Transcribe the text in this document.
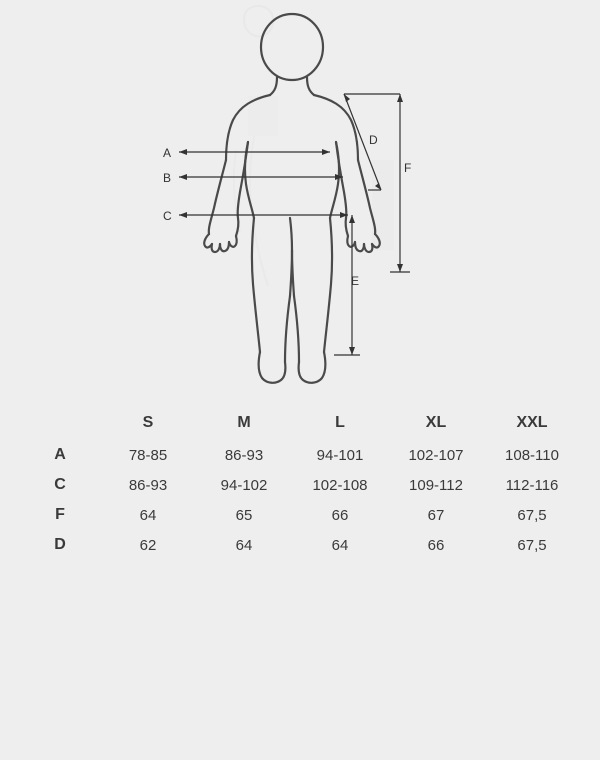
A
B
C
D
E
F
	S	M	L	XL	XXL
A	78-85	86-93	94-101	102-107	108-110
C	86-93	94-102	102-108	109-112	112-116
F	64	65	66	67	67,5
D	62	64	64	66	67,5
